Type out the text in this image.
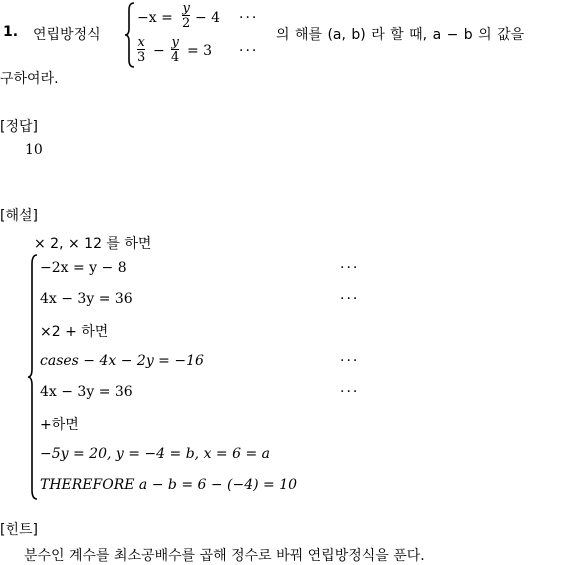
1. 연립방정식
$-x = \frac{y}{2} - 4$ ···
$\frac{x}{3} - \frac{y}{4} = 3$ ···
의 해를 (a, b) 라 할 때, a − b 의 값을
구하여라.
[정답]
10
[해설]
× 2, × 12 를 하면
−2x = y − 8	···
4x − 3y = 36	···
×2 + 하면
cases − 4x − 2y = −16	···
4x − 3y = 36	···
+하면
−5y = 20, y = −4 = b, x = 6 = a
THEREFORE a − b = 6 − (−4) = 10
[힌트]
분수인 계수를 최소공배수를 곱해 정수로 바꿔 연립방정식을 푼다.
